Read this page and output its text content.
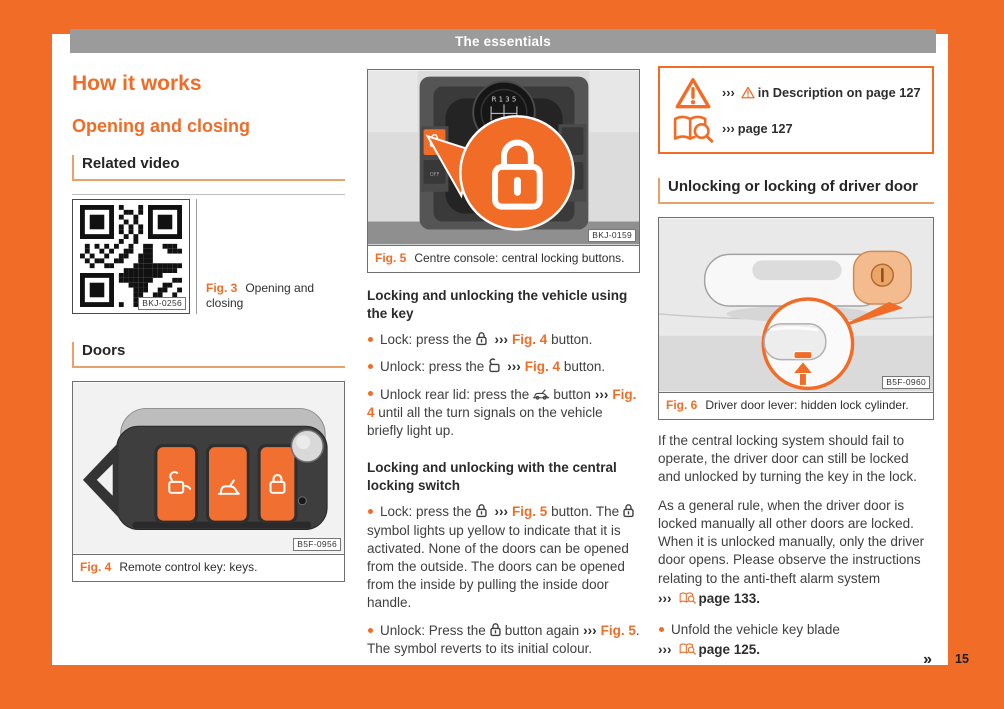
The essentials
How it works
Opening and closing
Related video
BKJ-0256
Fig. 3 Opening and closing
Doors
B5F-0956
Fig. 4 Remote control key: keys.
R 1 3 5
OFF
BKJ-0159
Fig. 5 Centre console: central locking buttons.
Locking and unlocking the vehicle using the key
Lock: press the ››› Fig. 4 button.
Unlock: press the ››› Fig. 4 button.
Unlock rear lid: press the button ››› Fig. 4 until all the turn signals on the vehicle briefly light up.
Locking and unlocking with the central locking switch
Lock: press the ››› Fig. 5 button. The
symbol lights up yellow to indicate that it is activated. None of the doors can be opened from the outside. The doors can be opened from the inside by pulling the inside door handle.
Unlock: Press the button again ››› Fig. 5. The symbol reverts to its initial colour.
››› in Description on page 127
››› page 127
Unlocking or locking of driver door
B5F-0960
Fig. 6 Driver door lever: hidden lock cylinder.

If the central locking system should fail to operate, the driver door can still be locked and unlocked by turning the key in the lock.

As a general rule, when the driver door is locked manually all other doors are locked. When it is unlocked manually, only the driver door opens. Please observe the instructions relating to the anti-theft alarm system
››› page 133.

Unfold the vehicle key blade
››› page 125.
» 15
